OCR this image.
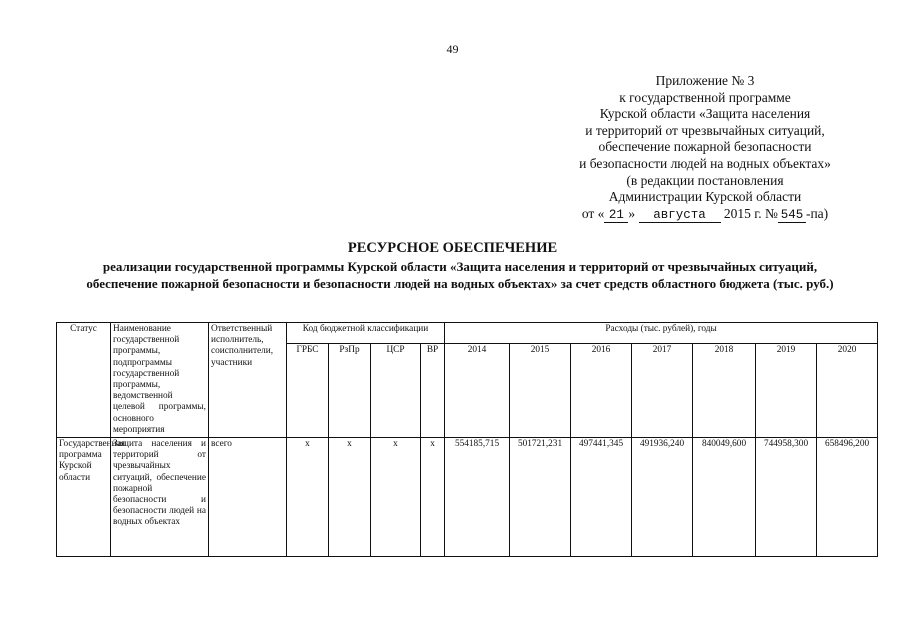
49
Приложение № 3
к государственной программе
Курской области «Защита населения
и территорий от чрезвычайных ситуаций,
обеспечение пожарной безопасности
и безопасности людей на водных объектах»
(в редакции постановления
Администрации Курской области
от « 21 » августа 2015 г. № 545 -па)
РЕСУРСНОЕ ОБЕСПЕЧЕНИЕ
реализации государственной программы Курской области «Защита населения и территорий от чрезвычайных ситуаций, обеспечение пожарной безопасности и безопасности людей на водных объектах» за счет средств областного бюджета (тыс. руб.)
Статус	Наименование государственной программы, подпрограммы государственной программы, ведомственной целевой программы, основного мероприятия	Ответственный исполнитель, соисполнители, участники	Код бюджетной классификации				Расходы (тыс. рублей), годы						
			ГРБС	РзПр	ЦСР	ВР	2014	2015	2016	2017	2018	2019	2020
Государственная программа Курской области	Защита населения и территорий от чрезвычайных ситуаций, обеспечение пожарной безопасности и безопасности людей на водных объектах	всего	х	х	х	х	554185,715	501721,231	497441,345	491936,240	840049,600	744958,300	658496,200
